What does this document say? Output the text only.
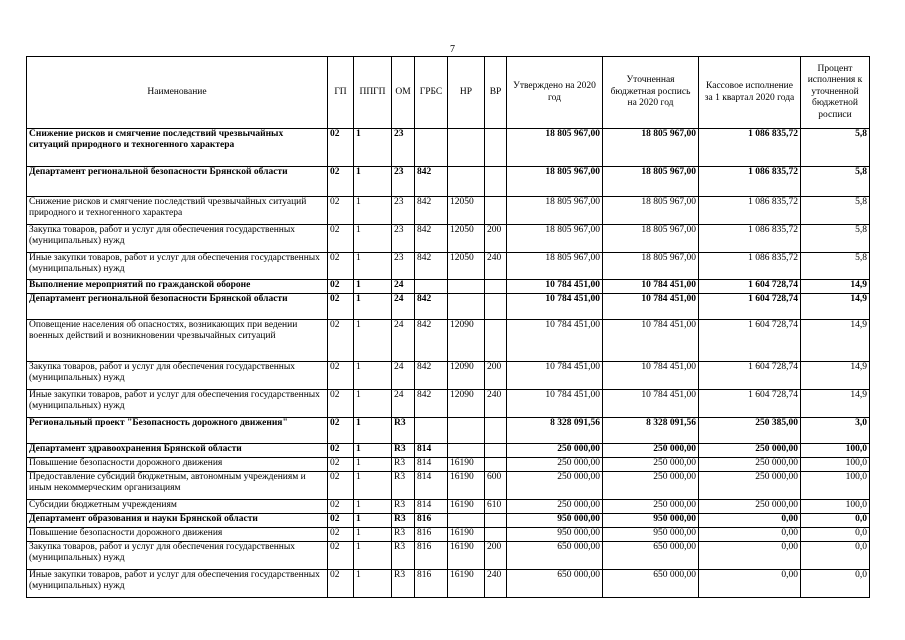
7
Наименование	ГП	ППГП	ОМ	ГРБС	НР	ВР	Утверждено на 2020 год	Уточненная бюджетная роспись на 2020 год	Кассовое исполнение за 1 квартал 2020 года	Процент исполнения к уточненной бюджетной росписи
Снижение рисков и смягчение последствий чрезвычайных ситуаций природного и техногенного характера	02	1	23				18 805 967,00	18 805 967,00	1 086 835,72	5,8
Департамент региональной безопасности Брянской области	02	1	23	842			18 805 967,00	18 805 967,00	1 086 835,72	5,8
Снижение рисков и смягчение последствий чрезвычайных ситуаций природного и техногенного характера	02	1	23	842	12050		18 805 967,00	18 805 967,00	1 086 835,72	5,8
Закупка товаров, работ и услуг для обеспечения государственных (муниципальных) нужд	02	1	23	842	12050	200	18 805 967,00	18 805 967,00	1 086 835,72	5,8
Иные закупки товаров, работ и услуг для обеспечения государственных (муниципальных) нужд	02	1	23	842	12050	240	18 805 967,00	18 805 967,00	1 086 835,72	5,8
Выполнение мероприятий по гражданской обороне	02	1	24				10 784 451,00	10 784 451,00	1 604 728,74	14,9
Департамент региональной безопасности Брянской области	02	1	24	842			10 784 451,00	10 784 451,00	1 604 728,74	14,9
Оповещение населения об опасностях, возникающих при ведении военных действий и возникновении чрезвычайных ситуаций	02	1	24	842	12090		10 784 451,00	10 784 451,00	1 604 728,74	14,9
Закупка товаров, работ и услуг для обеспечения государственных (муниципальных) нужд	02	1	24	842	12090	200	10 784 451,00	10 784 451,00	1 604 728,74	14,9
Иные закупки товаров, работ и услуг для обеспечения государственных (муниципальных) нужд	02	1	24	842	12090	240	10 784 451,00	10 784 451,00	1 604 728,74	14,9
Региональный проект "Безопасность дорожного движения"	02	1	R3				8 328 091,56	8 328 091,56	250 385,00	3,0
Департамент здравоохранения Брянской области	02	1	R3	814			250 000,00	250 000,00	250 000,00	100,0
Повышение безопасности дорожного движения	02	1	R3	814	16190		250 000,00	250 000,00	250 000,00	100,0
Предоставление субсидий бюджетным, автономным учреждениям и иным некоммерческим организациям	02	1	R3	814	16190	600	250 000,00	250 000,00	250 000,00	100,0
Субсидии бюджетным учреждениям	02	1	R3	814	16190	610	250 000,00	250 000,00	250 000,00	100,0
Департамент образования и науки Брянской области	02	1	R3	816			950 000,00	950 000,00	0,00	0,0
Повышение безопасности дорожного движения	02	1	R3	816	16190		950 000,00	950 000,00	0,00	0,0
Закупка товаров, работ и услуг для обеспечения государственных (муниципальных) нужд	02	1	R3	816	16190	200	650 000,00	650 000,00	0,00	0,0
Иные закупки товаров, работ и услуг для обеспечения государственных (муниципальных) нужд	02	1	R3	816	16190	240	650 000,00	650 000,00	0,00	0,0
